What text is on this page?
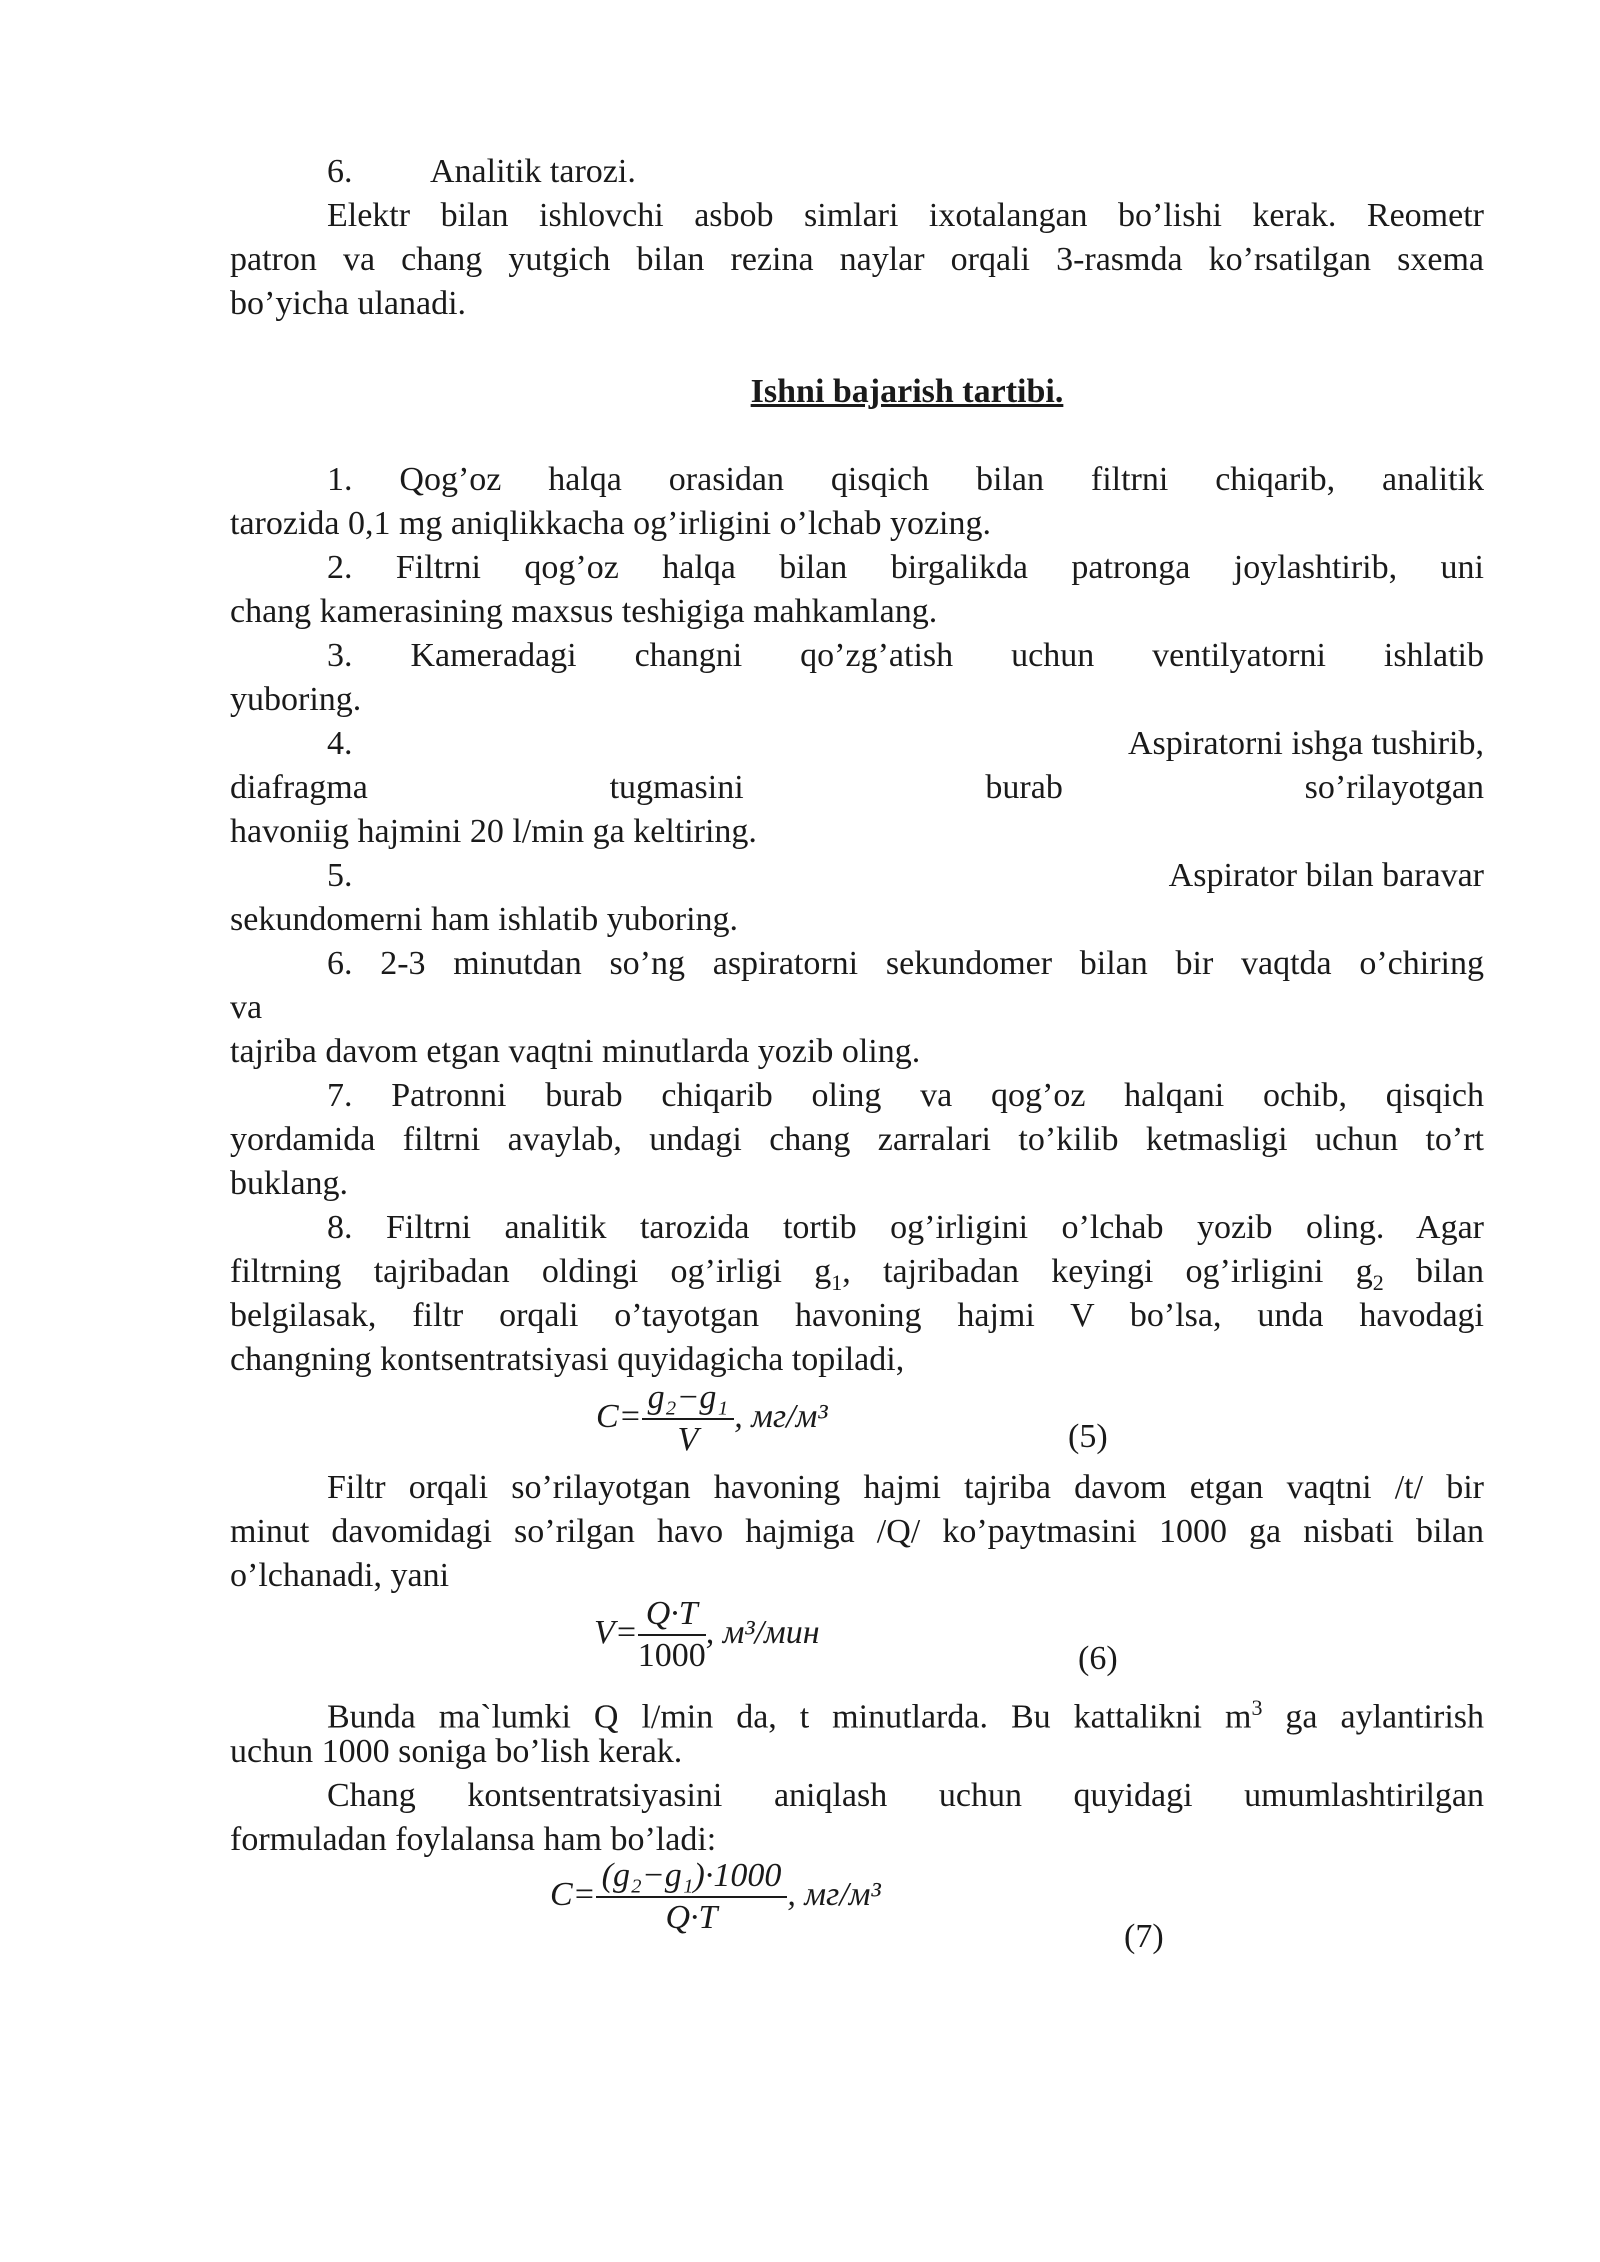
6. Analitik tarozi.
Elektr bilan ishlovchi asbob simlari ixotalangan bo’lishi kerak. Reometr
patron va chang yutgich bilan rezina naylar orqali 3-rasmda ko’rsatilgan sxema
bo’yicha ulanadi.
Ishni bajarish tartibi.
1. Qog’oz halqa orasidan qisqich bilan filtrni chiqarib, analitik
tarozida 0,1 mg aniqlikkacha og’irligini o’lchab yozing.
2. Filtrni qog’oz halqa bilan birgalikda patronga joylashtirib, uni
chang kamerasining maxsus teshigiga mahkamlang.
3. Kameradagi changni qo’zg’atish uchun ventilyatorni ishlatib
yuboring.
4.	Aspiratorni ishga tushirib,
diafragma tugmasini burab so’rilayotgan
havoniig hajmini 20 l/min ga keltiring.
5.	Aspirator bilan baravar
sekundomerni ham ishlatib yuboring.
6. 2-3 minutdan so’ng aspiratorni sekundomer bilan bir vaqtda o’chiring
va
tajriba davom etgan vaqtni minutlarda yozib oling.
7. Patronni burab chiqarib oling va qog’oz halqani ochib, qisqich
yordamida filtrni avaylab, undagi chang zarralari to’kilib ketmasligi uchun to’rt
buklang.
8. Filtrni analitik tarozida tortib og’irligini o’lchab yozib oling. Agar
filtrning tajribadan oldingi og’irligi $g_1$, tajribadan keyingi og’irligini $g_2$ bilan
belgilasak, filtr orqali o’tayotgan havoning hajmi V bo’lsa, unda havodagi
changning kontsentratsiyasi quyidagicha topiladi,
$C= \frac{\text{g₂−g₁}}{V}$ , мг/м³
(5)
Filtr orqali so’rilayotgan havoning hajmi tajriba davom etgan vaqtni /t/ bir
minut davomidagi so’rilgan havo hajmiga /Q/ ko’paytmasini 1000 ga nisbati bilan
o’lchanadi, yani
$V= \frac{Q\cdot T}{1000}$ , м³/мин
(6)
Bunda ma`lumki Q l/min da, t minutlarda. Bu kattalikni $m^3$ ga aylantirish
uchun 1000 soniga bo’lish kerak.
Chang kontsentratsiyasini aniqlash uchun quyidagi umumlashtirilgan
formuladan foylalansa ham bo’ladi:
$C= \frac{\text{(g₂−g₁)·1000}}{Q\cdot T}$ , мг/м³
(7)
